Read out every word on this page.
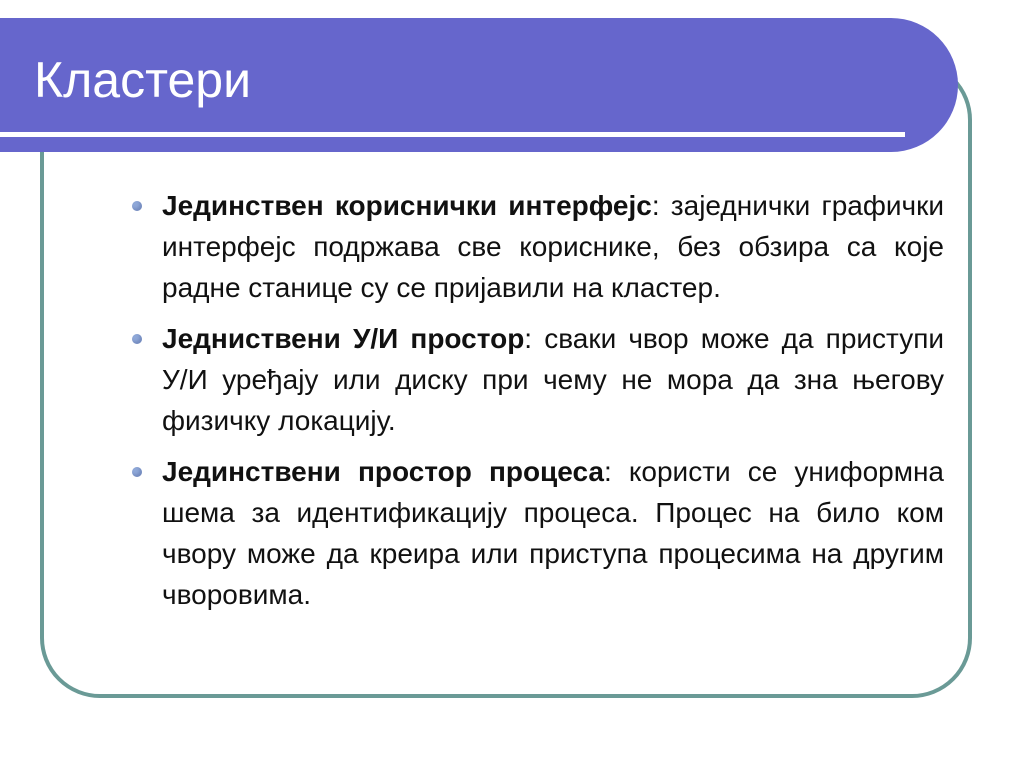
Кластери
Јединствен кориснички интерфејс: заједнички графички интерфејс подржава све кориснике, без обзира са које радне станице су се пријавили на кластер.
Једниствени У/И простор: сваки чвор може да приступи У/И уређају или диску при чему не мора да зна његову физичку локацију.
Јединствени простор процеса: користи се униформна шема за идентификацију процеса. Процес на било ком чвору може да креира или приступа процесима на другим чворовима.
